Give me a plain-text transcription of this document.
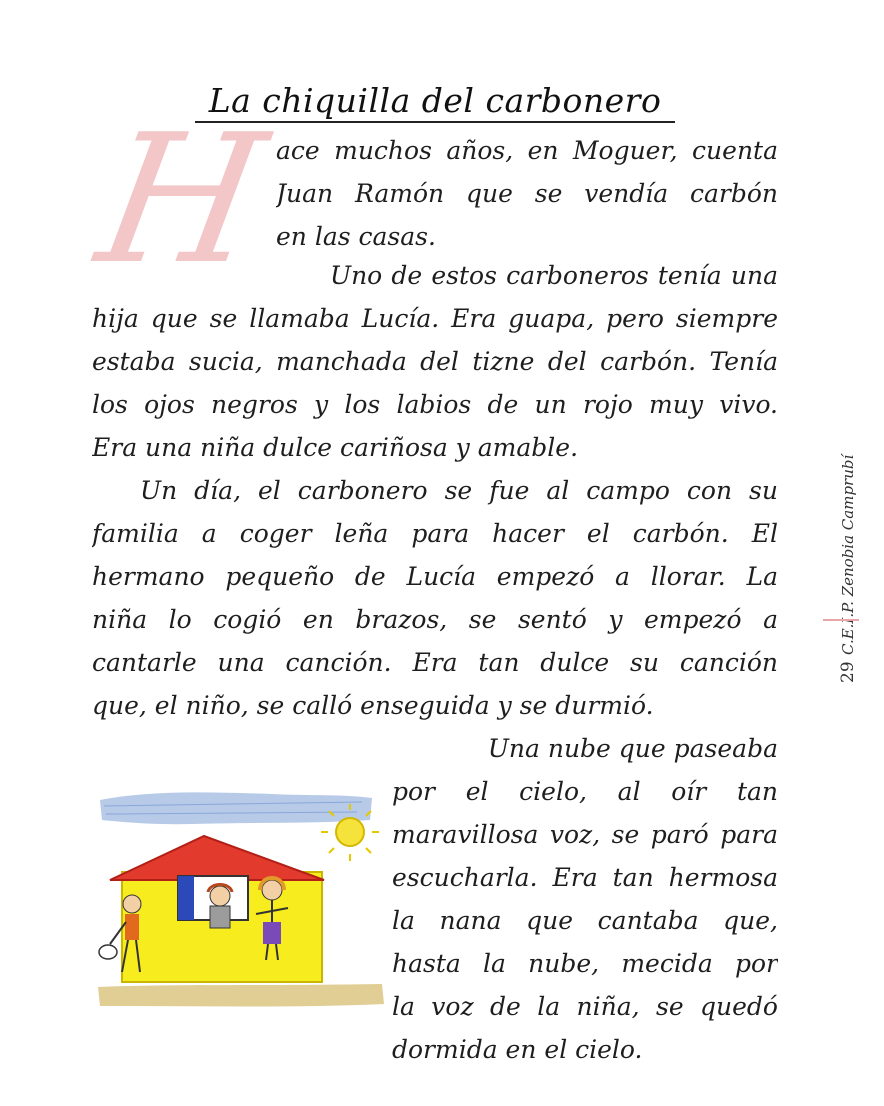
La chiquilla del carbonero
H
ace muchos años, en Moguer, cuenta
Juan Ramón que se vendía carbón
en las casas.
Uno de estos carboneros tenía una
hija que se llamaba Lucía. Era guapa, pero siempre
estaba sucia, manchada del tizne del carbón. Tenía
los ojos negros y los labios de un rojo muy vivo.
Era una niña dulce cariñosa y amable.
Un día, el carbonero se fue al campo con su
familia a coger leña para hacer el carbón. El
hermano pequeño de Lucía empezó a llorar. La
niña lo cogió en brazos, se sentó y empezó a
cantarle una canción. Era tan dulce su canción
que, el niño, se calló enseguida y se durmió.
Una nube que paseaba
por el cielo, al oír tan
maravillosa voz, se paró para
escucharla. Era tan hermosa
la nana que cantaba que,
hasta la nube, mecida por
la voz de la niña, se quedó
dormida en el cielo.
C.E.I.P. Zenobia Camprubí
29
